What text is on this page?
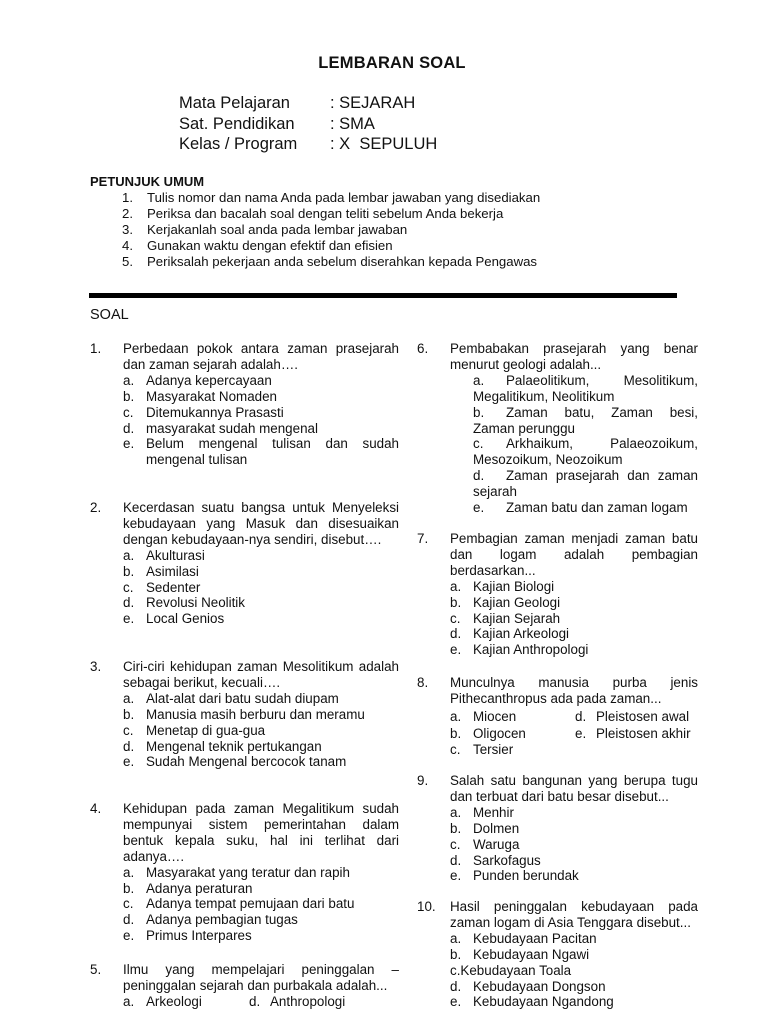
LEMBARAN SOAL
Mata Pelajaran : SEJARAH
Sat. Pendidikan : SMA
Kelas / Program : X  SEPULUH
PETUNJUK UMUM
1. Tulis nomor dan nama Anda pada lembar jawaban yang disediakan
2. Periksa dan bacalah soal dengan teliti sebelum Anda bekerja
3. Kerjakanlah soal anda pada lembar jawaban
4. Gunakan waktu dengan efektif dan efisien
5. Periksalah pekerjaan anda sebelum diserahkan kepada Pengawas
SOAL
1. Perbedaan pokok antara zaman prasejarah dan zaman sejarah adalah….
a. Adanya kepercayaan
b. Masyarakat Nomaden
c. Ditemukannya Prasasti
d. masyarakat sudah mengenal
e. Belum mengenal tulisan dan sudah mengenal tulisan
2. Kecerdasan suatu bangsa untuk Menyeleksi kebudayaan yang Masuk dan disesuaikan dengan kebudayaan-nya sendiri, disebut….
a. Akulturasi
b. Asimilasi
c. Sedenter
d. Revolusi Neolitik
e. Local Genios
3. Ciri-ciri kehidupan zaman Mesolitikum adalah sebagai berikut, kecuali….
a. Alat-alat dari batu sudah diupam
b. Manusia masih berburu dan meramu
c. Menetap di gua-gua
d. Mengenal teknik pertukangan
e. Sudah Mengenal bercocok tanam
4. Kehidupan pada zaman Megalitikum sudah mempunyai sistem pemerintahan dalam bentuk kepala suku, hal ini terlihat dari adanya….
a. Masyarakat yang teratur dan rapih
b. Adanya peraturan
c. Adanya tempat pemujaan dari batu
d. Adanya pembagian tugas
e. Primus Interpares
5. Ilmu yang mempelajari peninggalan – peninggalan sejarah dan purbakala adalah...
a. Arkeologi	d. Anthropologi
6. Pembabakan prasejarah yang benar menurut geologi adalah...
a. Palaeolitikum, Mesolitikum, Megalitikum, Neolitikum
b. Zaman batu, Zaman besi, Zaman perunggu
c. Arkhaikum, Palaeozoikum, Mesozoikum, Neozoikum
d. Zaman prasejarah dan zaman sejarah
e. Zaman batu dan zaman logam
7. Pembagian zaman menjadi zaman batu dan logam adalah pembagian berdasarkan...
a. Kajian Biologi
b. Kajian Geologi
c. Kajian Sejarah
d. Kajian Arkeologi
e. Kajian Anthropologi
8. Munculnya manusia purba jenis Pithecanthropus ada pada zaman...
a. Miocen	d. Pleistosen awal
b. Oligocen	e. Pleistosen akhir
c. Tersier
9. Salah satu bangunan yang berupa tugu dan terbuat dari batu besar disebut...
a. Menhir
b. Dolmen
c. Waruga
d. Sarkofagus
e. Punden berundak
10. Hasil peninggalan kebudayaan pada zaman logam di Asia Tenggara disebut...
a. Kebudayaan Pacitan
b. Kebudayaan Ngawi
c.Kebudayaan Toala
d. Kebudayaan Dongson
e. Kebudayaan Ngandong
